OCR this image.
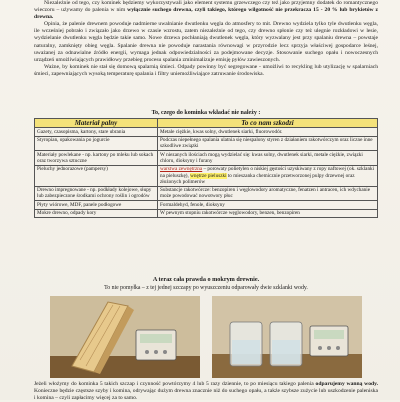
Niezależnie od tego, czy kominek będziemy wykorzystywali jako element systemu grzewczego czy też jako przyjemny dodatek do romantycznego wieczoru – używamy do palenia w nim wyłącznie suchego drewna, czyli takiego, którego wilgotność nie przekracza 15 - 20 % lub brykietów z drewna.

Opinia, że palenie drewnem powoduje nadmierne uwalnianie dwutlenku węgla do atmosfery to mit. Drewno wydziela tylko tyle dwutlenku węgla, ile wcześniej pobrało i związało jako drzewo w czasie wzrostu, zatem niezależnie od tego, czy drewno spłonie czy też ulegnie rozkładowi w lesie, wydzielanie dwutlenku węgla będzie takie samo. Nowe drzewa pochłaniają dwutlenek węgla, który wyzwalany jest przy spalaniu drewna – powstaje naturalny, zamknięty obieg węgla. Spalanie drewna nie powoduje narastania równowagi w przyrodzie lecz sprzyja właściwej gospodarce leśnej, uważanej za odnawialne źródło energii, wymaga jednak odpowiedzialności za podejmowane decyzje. Stosowanie suchego opału i nowoczesnych urządzeń umożliwiających prawidłowy przebieg procesu spalania zminimalizuje emisję pyłów zawieszonych.

Ważne, by kominek nie stał się domową spalarnią śmieci. Odpady powinny być segregowane - umożliwi to recykling lub utylizację w spalarniach śmieci, zapewniających wysoką temperaturę spalania i filtry uniemożliwiające zatruwanie środowiska.

To, czego do kominka wkładać nie należy :
Materiał palny	To co nam szkodzi
Gazety, czasopisma, kartony, stare ubrania	Metale ciężkie, kwas solny, dwutlenek siarki, fluorowodór.
Styropian, opakowania po jogurcie	Podczas niepełnego spalania ulatnia się niespalony styren z działaniem rakotwórczym oraz liczne inne szkodliwe związki
Materiały powlekane - np. kartony po mleku lub sokach oraz tworzywa sztuczne	W niezanych ilościach mogą wydzielać się: kwas solny, dwutlenek siarki, metale ciężkie, związki chloru, dioksyny i furany
Pieluchy jednorazowe (pampersy)	warstwa zewnętrzna – porowaty polietylen o niskiej gęstości uzyskiwany z ropy naftowej (ok. szklanki na pieluszkę), wnętrze pieluszki to mieszanka chemicznie przetworzonej pulpy drzewnej oraz złożonych polimerów
Drewno impregnowane - np. podkłady kolejowe, słupy lub zabezpieczone środkami ochrony roślin i ogrodów	Substancje rakotwórcze: benzopiren i węglowodory aromatyczne, fenatzen i antracen, ich wdychanie może powodować nowotwory płuc
Płyty wiórowe, MDF, panele podłogowe	Formaldehyd, fenole, dioksyny
Mokre drewno, odpady kory	W pewnym stopniu rakotwórcze węglowodory, benzen, benzopiren
A teraz cała prawda o mokrym drewnie.
To nie pomyłka – z tej jednej szczapy po wyuszczeniu odparowały dwie szklanki wody.

Jeżeli włożymy do kominka 5 takich szczap i czynność powtórzymy 4 lub 5 razy dziennie, to po miesiącu takiego palenia odparujemy wanną wody. Konieczne będzie częstsze szyby i komina, odrywając dużym drewna znacznie niż do suchego opału, a także szybsze zużycie lub uszkodzenie paleniska i komina – czyli zapłacimy więcej za to samo.
